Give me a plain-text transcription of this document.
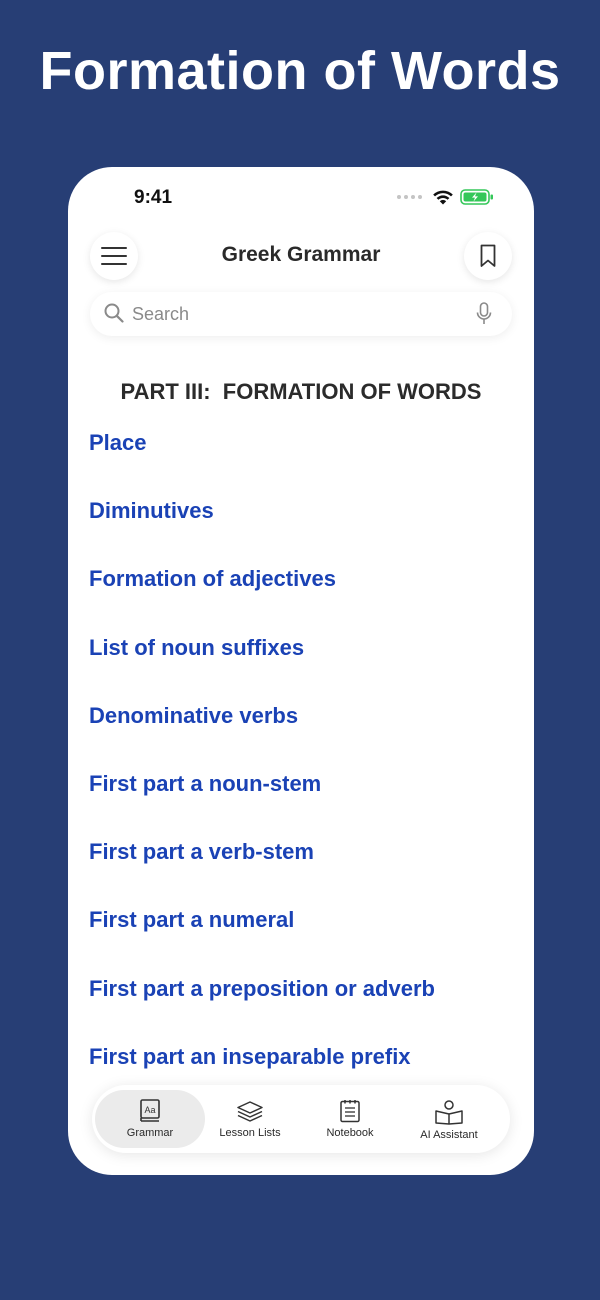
Formation of Words
9:41
Greek Grammar
Search
PART III:  FORMATION OF WORDS
Place
Diminutives
Formation of adjectives
List of noun suffixes
Denominative verbs
First part a noun-stem
First part a verb-stem
First part a numeral
First part a preposition or adverb
First part an inseparable prefix
Aa
Grammar	Lesson Lists	Notebook	AI Assistant
